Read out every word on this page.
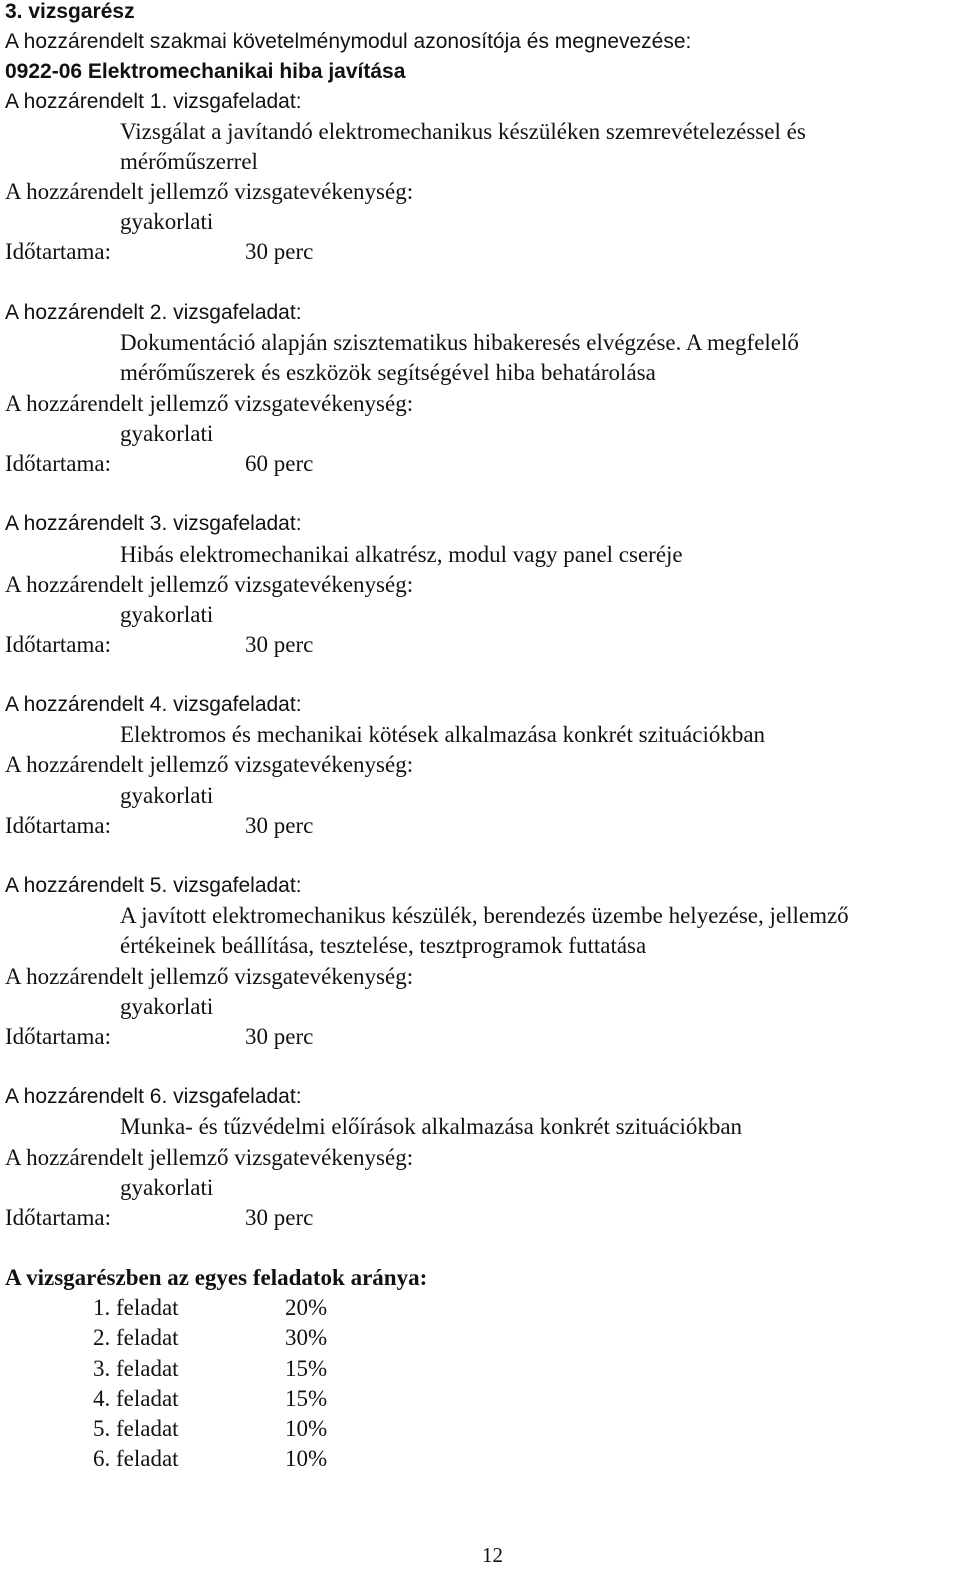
3. vizsgarész
A hozzárendelt szakmai követelménymodul azonosítója és megnevezése:
0922-06 Elektromechanikai hiba javítása
A hozzárendelt 1. vizsgafeladat:
Vizsgálat a javítandó elektromechanikus készüléken szemrevételezéssel és
mérőműszerrel
A hozzárendelt jellemző vizsgatevékenység:
gyakorlati
Időtartama:	30 perc
A hozzárendelt 2. vizsgafeladat:
Dokumentáció alapján szisztematikus hibakeresés elvégzése. A megfelelő
mérőműszerek és eszközök segítségével hiba behatárolása
A hozzárendelt jellemző vizsgatevékenység:
gyakorlati
Időtartama:	60 perc
A hozzárendelt 3. vizsgafeladat:
Hibás elektromechanikai alkatrész, modul vagy panel cseréje
A hozzárendelt jellemző vizsgatevékenység:
gyakorlati
Időtartama:	30 perc
A hozzárendelt 4. vizsgafeladat:
Elektromos és mechanikai kötések alkalmazása konkrét szituációkban
A hozzárendelt jellemző vizsgatevékenység:
gyakorlati
Időtartama:	30 perc
A hozzárendelt 5. vizsgafeladat:
A javított elektromechanikus készülék, berendezés üzembe helyezése, jellemző
értékeinek beállítása, tesztelése, tesztprogramok futtatása
A hozzárendelt jellemző vizsgatevékenység:
gyakorlati
Időtartama:	30 perc
A hozzárendelt 6. vizsgafeladat:
Munka- és tűzvédelmi előírások alkalmazása konkrét szituációkban
A hozzárendelt jellemző vizsgatevékenység:
gyakorlati
Időtartama:	30 perc
A vizsgarészben az egyes feladatok aránya:
1. feladat	20%
2. feladat	30%
3. feladat	15%
4. feladat	15%
5. feladat	10%
6. feladat	10%
12
